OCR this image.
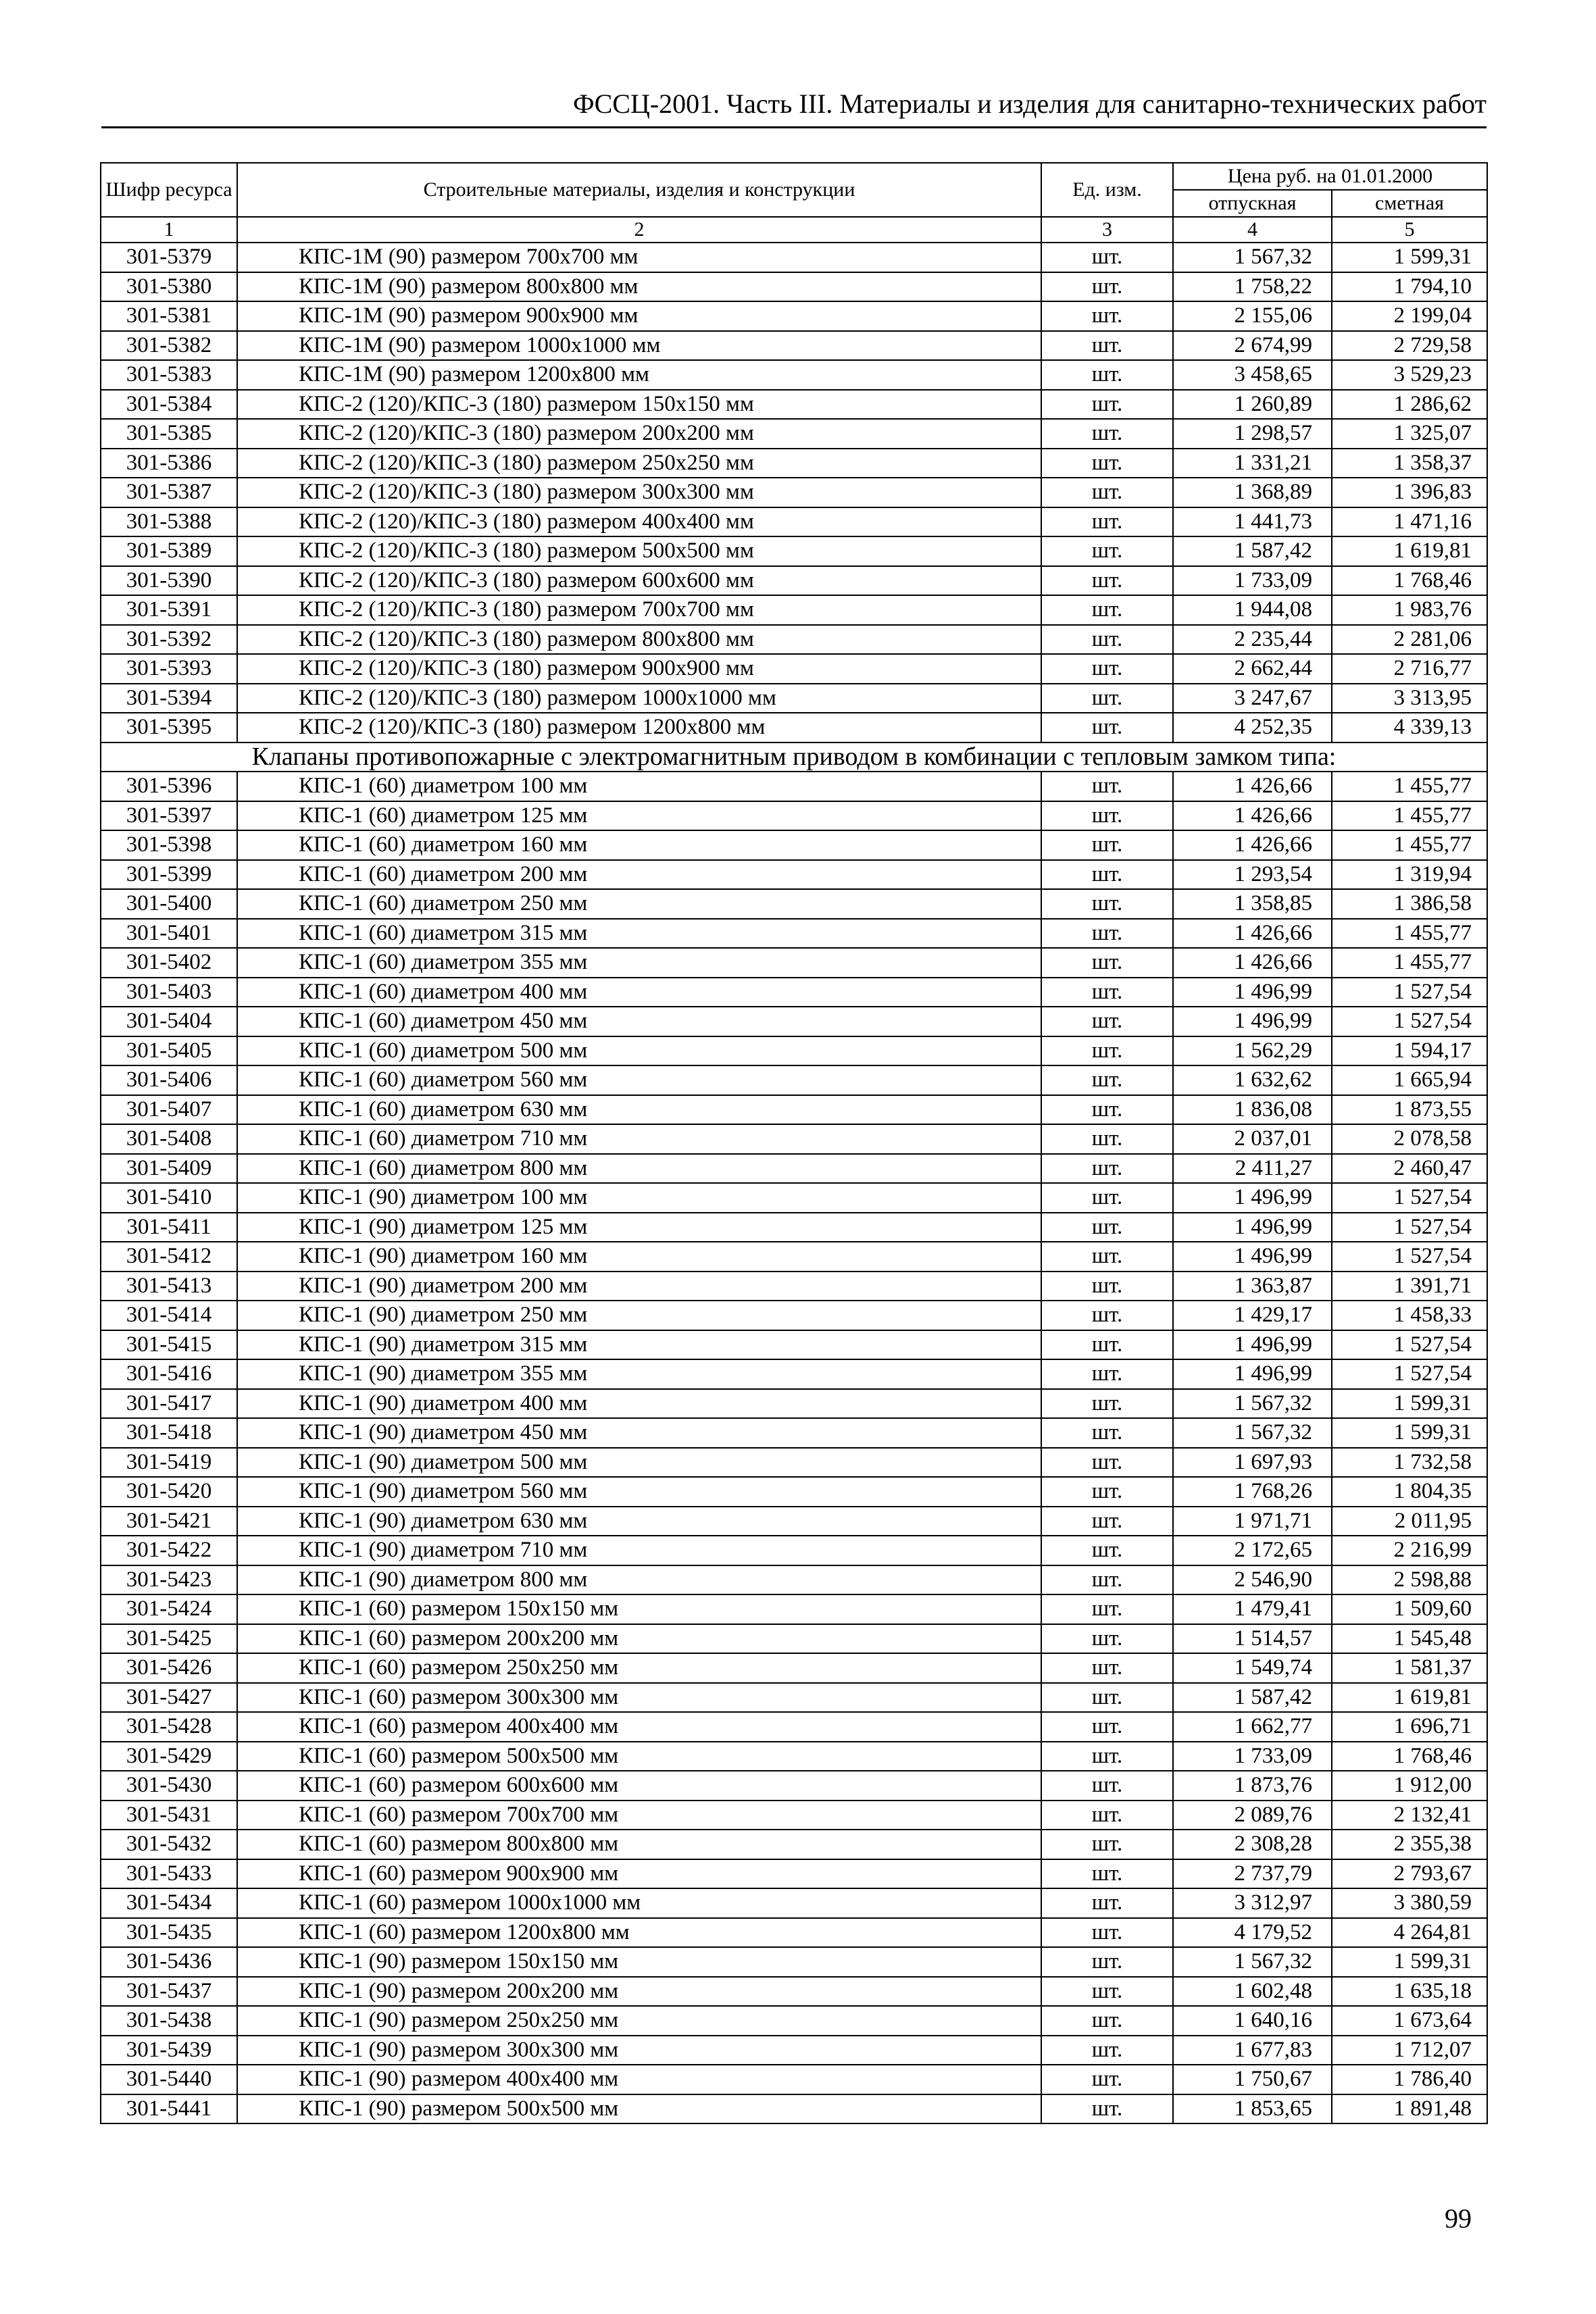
ФССЦ-2001. Часть III. Материалы и изделия для санитарно-технических работ
Шифр ресурса	Строительные материалы, изделия и конструкции	Ед. изм.	Цена руб. на 01.01.2000	
			отпускная	сметная
1	2	3	4	5
301-5379	КПС-1М (90) размером 700х700 мм	шт.	1 567,32	1 599,31
301-5380	КПС-1М (90) размером 800х800 мм	шт.	1 758,22	1 794,10
301-5381	КПС-1М (90) размером 900х900 мм	шт.	2 155,06	2 199,04
301-5382	КПС-1М (90) размером 1000х1000 мм	шт.	2 674,99	2 729,58
301-5383	КПС-1М (90) размером 1200х800 мм	шт.	3 458,65	3 529,23
301-5384	КПС-2 (120)/КПС-3 (180) размером 150х150 мм	шт.	1 260,89	1 286,62
301-5385	КПС-2 (120)/КПС-3 (180) размером 200х200 мм	шт.	1 298,57	1 325,07
301-5386	КПС-2 (120)/КПС-3 (180) размером 250х250 мм	шт.	1 331,21	1 358,37
301-5387	КПС-2 (120)/КПС-3 (180) размером 300х300 мм	шт.	1 368,89	1 396,83
301-5388	КПС-2 (120)/КПС-3 (180) размером 400х400 мм	шт.	1 441,73	1 471,16
301-5389	КПС-2 (120)/КПС-3 (180) размером 500х500 мм	шт.	1 587,42	1 619,81
301-5390	КПС-2 (120)/КПС-3 (180) размером 600х600 мм	шт.	1 733,09	1 768,46
301-5391	КПС-2 (120)/КПС-3 (180) размером 700х700 мм	шт.	1 944,08	1 983,76
301-5392	КПС-2 (120)/КПС-3 (180) размером 800х800 мм	шт.	2 235,44	2 281,06
301-5393	КПС-2 (120)/КПС-3 (180) размером 900х900 мм	шт.	2 662,44	2 716,77
301-5394	КПС-2 (120)/КПС-3 (180) размером 1000х1000 мм	шт.	3 247,67	3 313,95
301-5395	КПС-2 (120)/КПС-3 (180) размером 1200х800 мм	шт.	4 252,35	4 339,13
Клапаны противопожарные с электромагнитным приводом в комбинации с тепловым замком типа:				
301-5396	КПС-1 (60) диаметром 100 мм	шт.	1 426,66	1 455,77
301-5397	КПС-1 (60) диаметром 125 мм	шт.	1 426,66	1 455,77
301-5398	КПС-1 (60) диаметром 160 мм	шт.	1 426,66	1 455,77
301-5399	КПС-1 (60) диаметром 200 мм	шт.	1 293,54	1 319,94
301-5400	КПС-1 (60) диаметром 250 мм	шт.	1 358,85	1 386,58
301-5401	КПС-1 (60) диаметром 315 мм	шт.	1 426,66	1 455,77
301-5402	КПС-1 (60) диаметром 355 мм	шт.	1 426,66	1 455,77
301-5403	КПС-1 (60) диаметром 400 мм	шт.	1 496,99	1 527,54
301-5404	КПС-1 (60) диаметром 450 мм	шт.	1 496,99	1 527,54
301-5405	КПС-1 (60) диаметром 500 мм	шт.	1 562,29	1 594,17
301-5406	КПС-1 (60) диаметром 560 мм	шт.	1 632,62	1 665,94
301-5407	КПС-1 (60) диаметром 630 мм	шт.	1 836,08	1 873,55
301-5408	КПС-1 (60) диаметром 710 мм	шт.	2 037,01	2 078,58
301-5409	КПС-1 (60) диаметром 800 мм	шт.	2 411,27	2 460,47
301-5410	КПС-1 (90) диаметром 100 мм	шт.	1 496,99	1 527,54
301-5411	КПС-1 (90) диаметром 125 мм	шт.	1 496,99	1 527,54
301-5412	КПС-1 (90) диаметром 160 мм	шт.	1 496,99	1 527,54
301-5413	КПС-1 (90) диаметром 200 мм	шт.	1 363,87	1 391,71
301-5414	КПС-1 (90) диаметром 250 мм	шт.	1 429,17	1 458,33
301-5415	КПС-1 (90) диаметром 315 мм	шт.	1 496,99	1 527,54
301-5416	КПС-1 (90) диаметром 355 мм	шт.	1 496,99	1 527,54
301-5417	КПС-1 (90) диаметром 400 мм	шт.	1 567,32	1 599,31
301-5418	КПС-1 (90) диаметром 450 мм	шт.	1 567,32	1 599,31
301-5419	КПС-1 (90) диаметром 500 мм	шт.	1 697,93	1 732,58
301-5420	КПС-1 (90) диаметром 560 мм	шт.	1 768,26	1 804,35
301-5421	КПС-1 (90) диаметром 630 мм	шт.	1 971,71	2 011,95
301-5422	КПС-1 (90) диаметром 710 мм	шт.	2 172,65	2 216,99
301-5423	КПС-1 (90) диаметром 800 мм	шт.	2 546,90	2 598,88
301-5424	КПС-1 (60) размером 150х150 мм	шт.	1 479,41	1 509,60
301-5425	КПС-1 (60) размером 200х200 мм	шт.	1 514,57	1 545,48
301-5426	КПС-1 (60) размером 250х250 мм	шт.	1 549,74	1 581,37
301-5427	КПС-1 (60) размером 300х300 мм	шт.	1 587,42	1 619,81
301-5428	КПС-1 (60) размером 400х400 мм	шт.	1 662,77	1 696,71
301-5429	КПС-1 (60) размером 500х500 мм	шт.	1 733,09	1 768,46
301-5430	КПС-1 (60) размером 600х600 мм	шт.	1 873,76	1 912,00
301-5431	КПС-1 (60) размером 700х700 мм	шт.	2 089,76	2 132,41
301-5432	КПС-1 (60) размером 800х800 мм	шт.	2 308,28	2 355,38
301-5433	КПС-1 (60) размером 900х900 мм	шт.	2 737,79	2 793,67
301-5434	КПС-1 (60) размером 1000х1000 мм	шт.	3 312,97	3 380,59
301-5435	КПС-1 (60) размером 1200х800 мм	шт.	4 179,52	4 264,81
301-5436	КПС-1 (90) размером 150х150 мм	шт.	1 567,32	1 599,31
301-5437	КПС-1 (90) размером 200х200 мм	шт.	1 602,48	1 635,18
301-5438	КПС-1 (90) размером 250х250 мм	шт.	1 640,16	1 673,64
301-5439	КПС-1 (90) размером 300х300 мм	шт.	1 677,83	1 712,07
301-5440	КПС-1 (90) размером 400х400 мм	шт.	1 750,67	1 786,40
301-5441	КПС-1 (90) размером 500х500 мм	шт.	1 853,65	1 891,48
99
